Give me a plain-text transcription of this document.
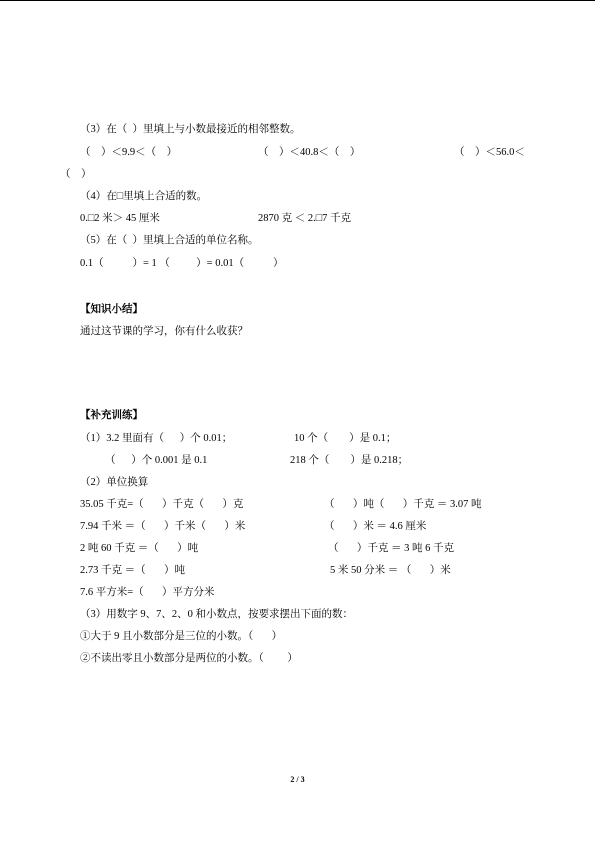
（3）在（  ）里填上与小数最接近的相邻整数。
（    ）＜9.9＜（    ）	（    ）＜40.8＜（    ）	（    ）＜56.0＜
（    ）
（4）在□里填上合适的数。
0.□2 米＞ 45 厘米	2870 克 ＜ 2.□7 千克
（5）在（  ）里填上合适的单位名称。
0.1（           ）= 1 （          ）= 0.01（           ）
【知识小结】
通过这节课的学习，你有什么收获？
【补充训练】
（1）3.2 里面有（      ）个 0.01；	10 个（        ）是 0.1；
（      ）个 0.001 是 0.1	218 个（        ）是 0.218；
（2）单位换算
35.05 千克=（       ）千克（       ）克	（       ）吨（       ）千克 ＝ 3.07 吨
7.94 千米 ＝（       ）千米（       ）米	（       ）米 ＝ 4.6 厘米
2 吨 60 千克 ＝（       ）吨	（       ）千克 ＝ 3 吨 6 千克
2.73 千克 ＝（       ）吨	5 米 50 分米 ＝ （       ）米
7.6 平方米=（       ）平方分米
（3）用数字 9、7、2、0 和小数点，按要求摆出下面的数：
①大于 9 且小数部分是三位的小数。（       ）
②不读出零且小数部分是两位的小数。（         ）
2 / 3
